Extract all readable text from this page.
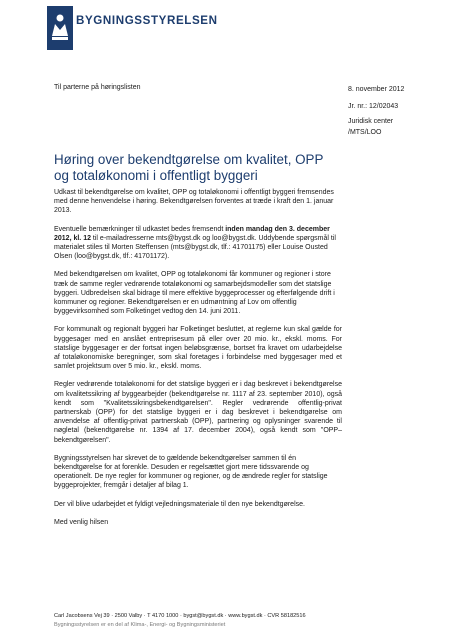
BYGNINGSSTYRELSEN
Til parterne på høringslisten	8. november 2012
Jr. nr.: 12/02043
Juridisk center
/MTS/LOO
Høring over bekendtgørelse om kvalitet, OPP og totaløkonomi i offentligt byggeri

Udkast til bekendtgørelse om kvalitet, OPP og totaløkonomi i offentligt byggeri fremsendes med denne henvendelse i høring. Bekendtgørelsen forventes at træde i kraft den 1. januar 2013.

Eventuelle bemærkninger til udkastet bedes fremsendt inden mandag den 3. december 2012, kl. 12 til e-mailadresserne mts@bygst.dk og loo@bygst.dk. Uddybende spørgsmål til materialet stiles til Morten Steffensen (mts@bygst.dk, tlf.: 41701175) eller Louise Ousted Olsen (loo@bygst.dk, tlf.: 41701172).

Med bekendtgørelsen om kvalitet, OPP og totaløkonomi får kommuner og regioner i store træk de samme regler vedrørende totaløkonomi og samarbejdsmodeller som det statslige byggeri. Udbredelsen skal bidrage til mere effektive byggeprocesser og efterfølgende drift i kommuner og regioner. Bekendtgørelsen er en udmøntning af Lov om offentlig byggevirksomhed som Folketinget vedtog den 14. juni 2011.

For kommunalt og regionalt byggeri har Folketinget besluttet, at reglerne kun skal gælde for byggesager med en anslået entreprisesum på eller over 20 mio. kr., ekskl. moms. For statslige byggesager er der fortsat ingen beløbsgrænse, bortset fra kravet om udarbejdelse af totaløkonomiske beregninger, som skal foretages i forbindelse med byggesager med et samlet projektsum over 5 mio. kr., ekskl. moms.

Regler vedrørende totaløkonomi for det statslige byggeri er i dag beskrevet i bekendtgørelse om kvalitetssikring af byggearbejder (bekendtgørelse nr. 1117 af 23. september 2010), også kendt som "Kvalitetssikringsbekendtgørelsen". Regler vedrørende offentlig-privat partnerskab (OPP) for det statslige byggeri er i dag beskrevet i bekendtgørelse om anvendelse af offentlig-privat partnerskab (OPP), partnering og oplysninger svarende til nøgletal (bekendtgørelse nr. 1394 af 17. december 2004), også kendt som "OPP–bekendtgørelsen".

Bygningsstyrelsen har skrevet de to gældende bekendtgørelser sammen til én bekendtgørelse for at forenkle. Desuden er regelsættet gjort mere tidssvarende og operationelt. De nye regler for kommuner og regioner, og de ændrede regler for statslige byggeprojekter, fremgår i detaljer af bilag 1.

Der vil blive udarbejdet et fyldigt vejledningsmateriale til den nye bekendtgørelse.

Med venlig hilsen

Carl Jacobsens Vej 39 · 2500 Valby · T 4170 1000 · bygst@bygst.dk · www.bygst.dk · CVR 58182516
Bygningsstyrelsen er en del af Klima-, Energi- og Bygningsministeriet
